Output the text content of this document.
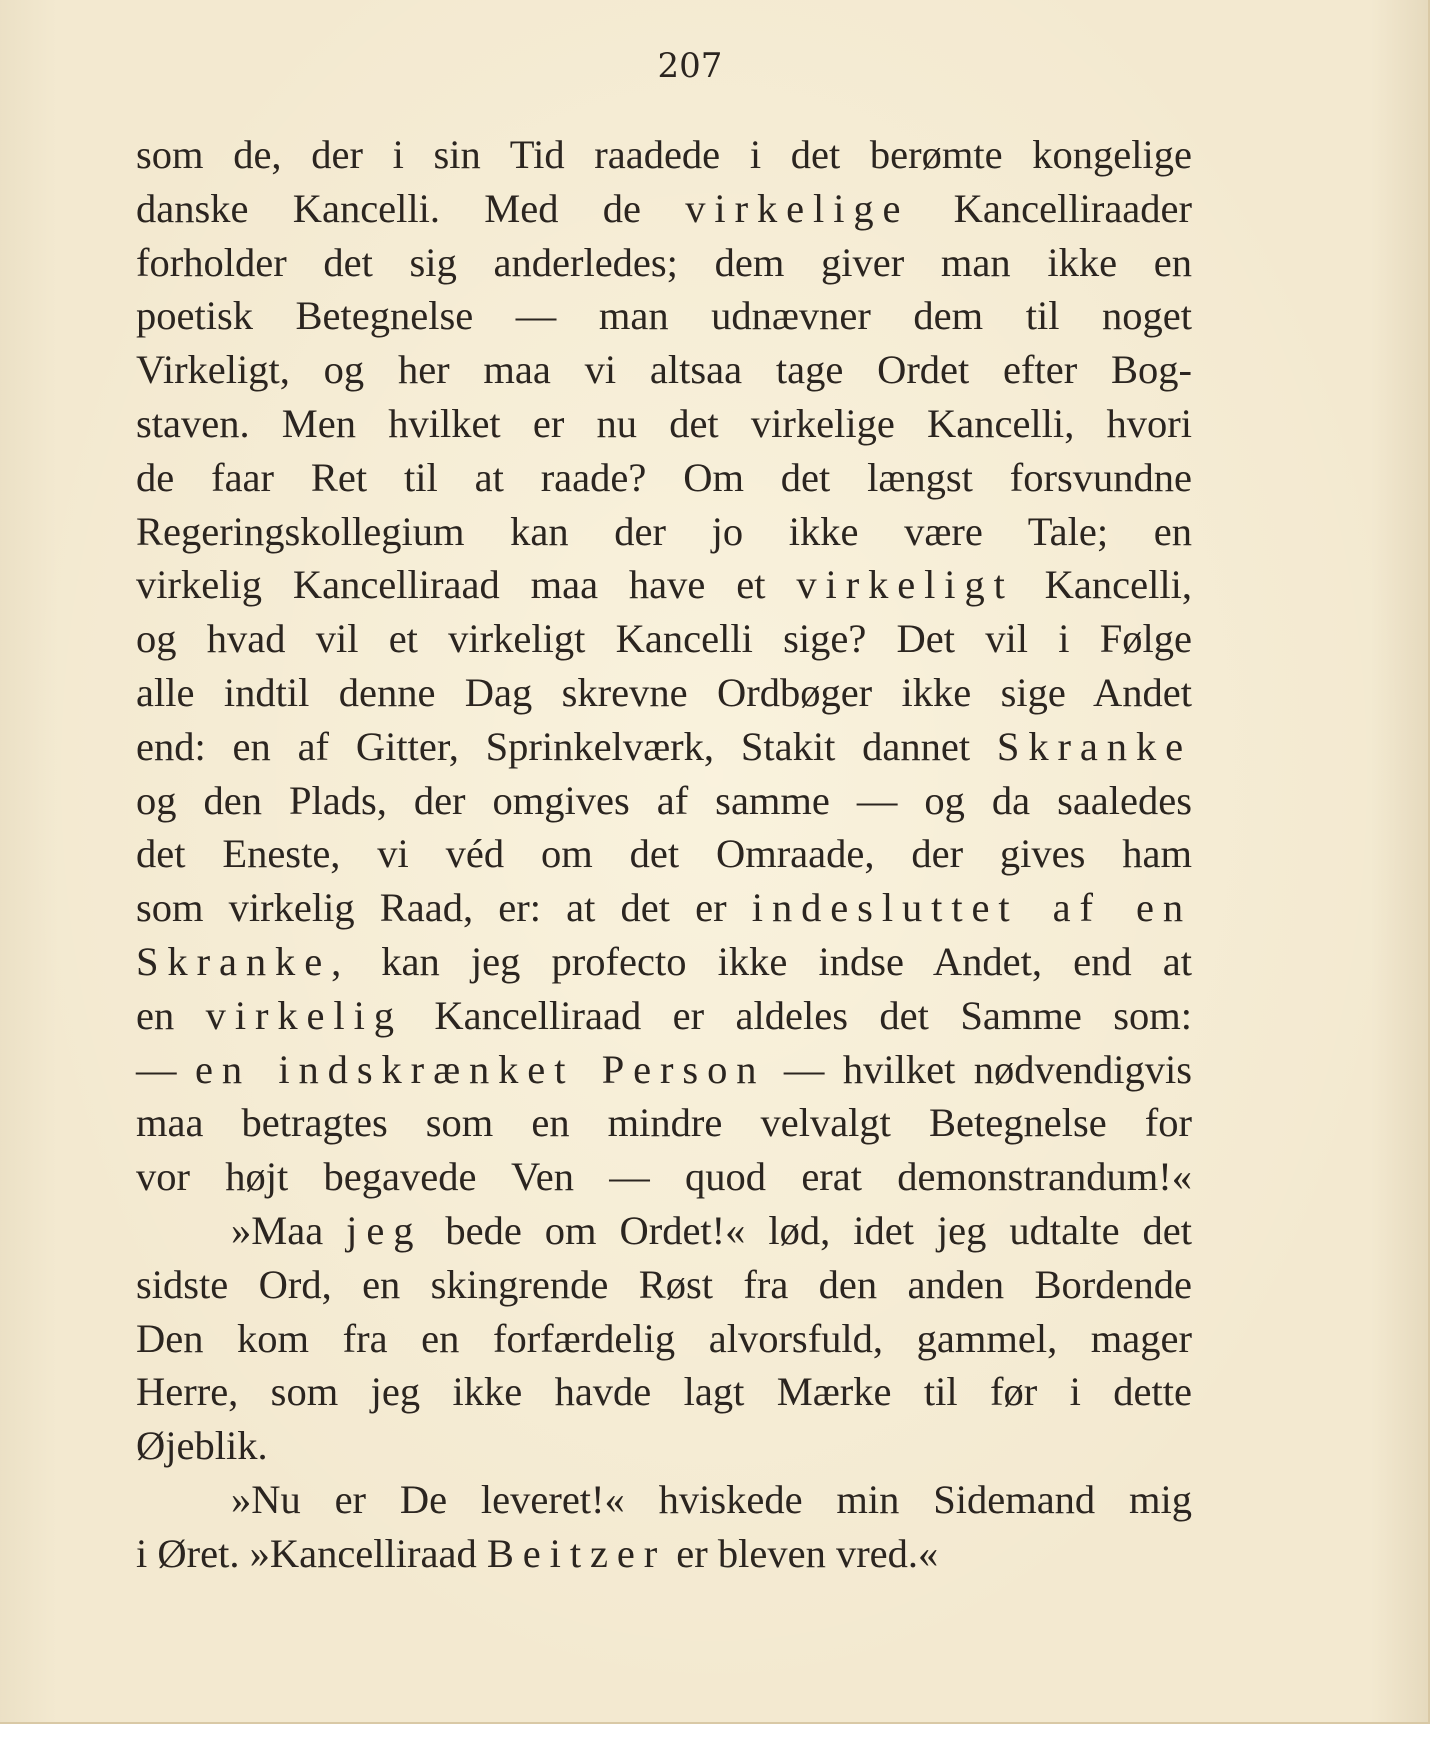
207
som de, der i sin Tid raadede i det berømte kongelige
danske Kancelli. Med de virkelige Kancelliraader
forholder det sig anderledes; dem giver man ikke en
poetisk Betegnelse — man udnævner dem til noget
Virkeligt, og her maa vi altsaa tage Ordet efter Bog-
staven. Men hvilket er nu det virkelige Kancelli, hvori
de faar Ret til at raade? Om det længst forsvundne
Regeringskollegium kan der jo ikke være Tale; en
virkelig Kancelliraad maa have et virkeligt Kancelli,
og hvad vil et virkeligt Kancelli sige? Det vil i Følge
alle indtil denne Dag skrevne Ordbøger ikke sige Andet
end: en af Gitter, Sprinkelværk, Stakit dannet Skranke
og den Plads, der omgives af samme — og da saaledes
det Eneste, vi véd om det Omraade, der gives ham
som virkelig Raad, er: at det er indesluttet af en
Skranke, kan jeg profecto ikke indse Andet, end at
en virkelig Kancelliraad er aldeles det Samme som:
— en indskrænket Person — hvilket nødvendigvis
maa betragtes som en mindre velvalgt Betegnelse for
vor højt begavede Ven — quod erat demonstrandum!«
»Maa jeg bede om Ordet!« lød, idet jeg udtalte det
sidste Ord, en skingrende Røst fra den anden Bordende
Den kom fra en forfærdelig alvorsfuld, gammel, mager
Herre, som jeg ikke havde lagt Mærke til før i dette
Øjeblik.
»Nu er De leveret!« hviskede min Sidemand mig
i Øret. »Kancelliraad Beitzer er bleven vred.«
